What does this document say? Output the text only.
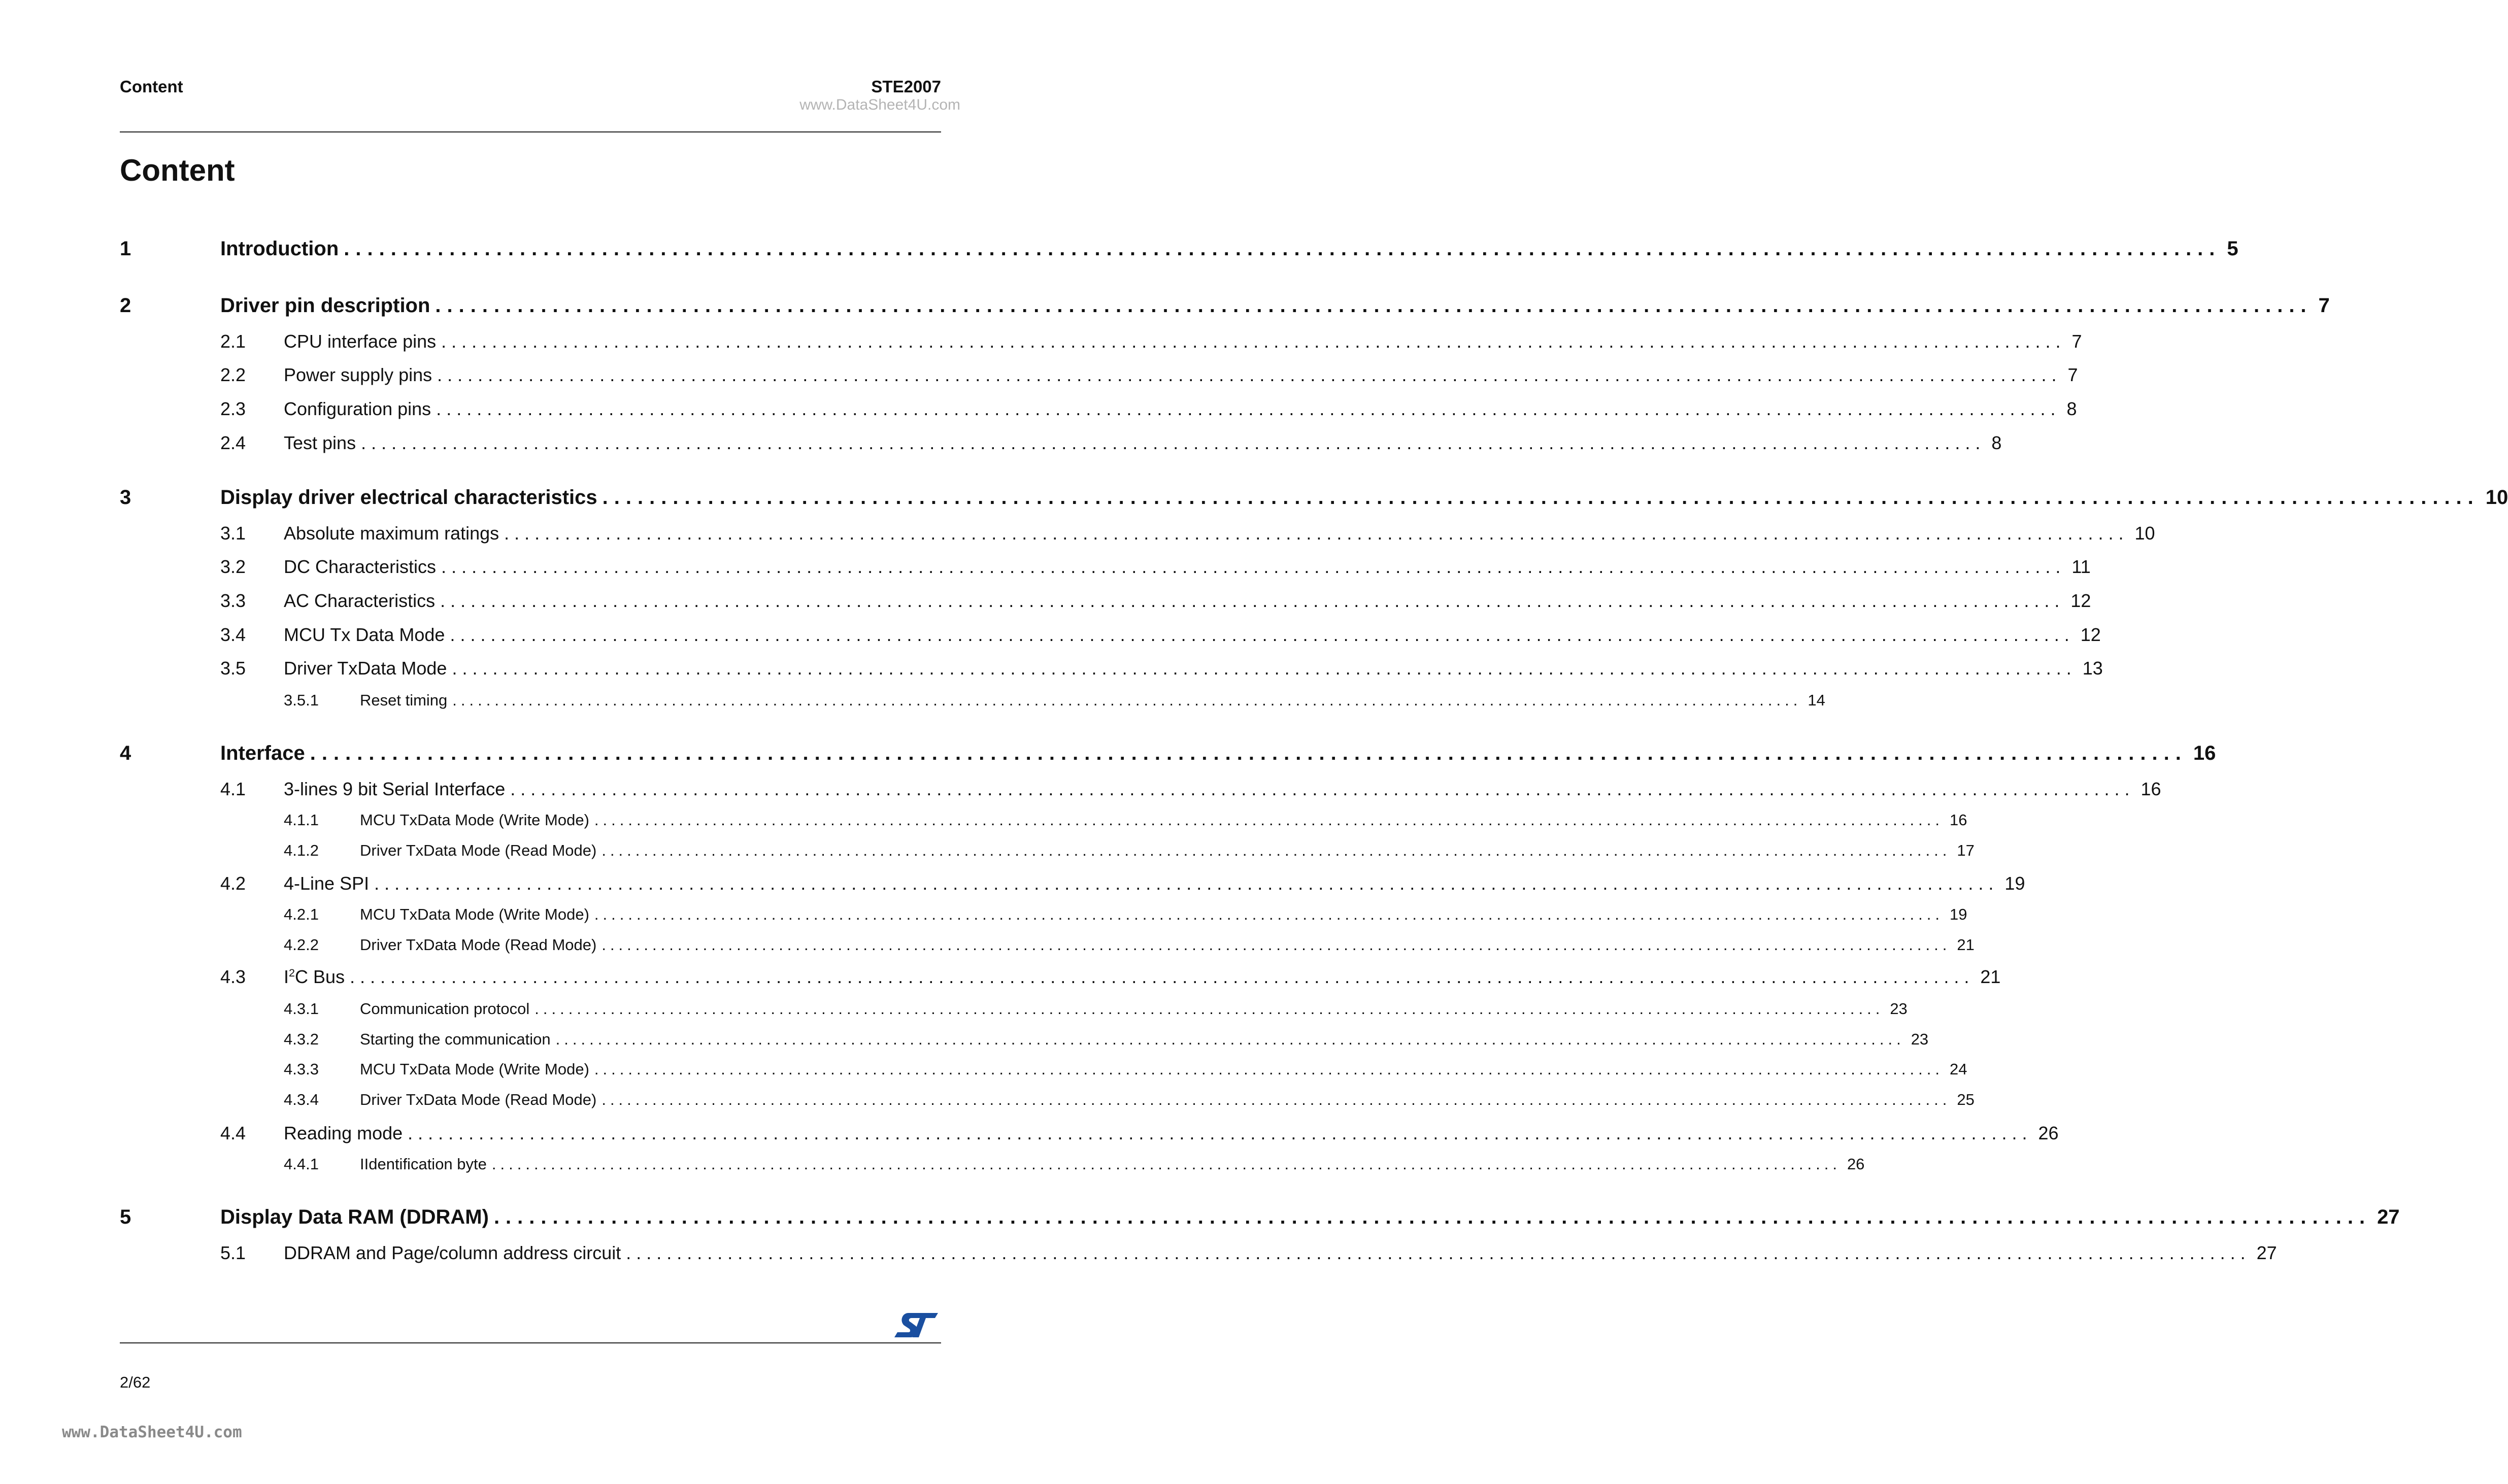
Content	STE2007
www.DataSheet4U.com
Content
1	Introduction ................................................................................................................................................................ 5
2	Driver pin description ................................................................................................................................................................ 7
2.1	CPU interface pins ................................................................................................................................................................ 7
2.2	Power supply pins ................................................................................................................................................................ 7
2.3	Configuration pins ................................................................................................................................................................ 8
2.4	Test pins ................................................................................................................................................................ 8
3	Display driver electrical characteristics ................................................................................................................................................................ 10
3.1	Absolute maximum ratings ................................................................................................................................................................ 10
3.2	DC Characteristics ................................................................................................................................................................ 11
3.3	AC Characteristics ................................................................................................................................................................ 12
3.4	MCU Tx Data Mode ................................................................................................................................................................ 12
3.5	Driver TxData Mode ................................................................................................................................................................ 13
3.5.1	Reset timing ................................................................................................................................................................ 14
4	Interface ................................................................................................................................................................ 16
4.1	3-lines 9 bit Serial Interface ................................................................................................................................................................ 16
4.1.1	MCU TxData Mode (Write Mode) ................................................................................................................................................................ 16
4.1.2	Driver TxData Mode (Read Mode) ................................................................................................................................................................ 17
4.2	4-Line SPI ................................................................................................................................................................ 19
4.2.1	MCU TxData Mode (Write Mode) ................................................................................................................................................................ 19
4.2.2	Driver TxData Mode (Read Mode) ................................................................................................................................................................ 21
4.3	$I^2C$ Bus ................................................................................................................................................................ 21
4.3.1	Communication protocol ................................................................................................................................................................ 23
4.3.2	Starting the communication ................................................................................................................................................................ 23
4.3.3	MCU TxData Mode (Write Mode) ................................................................................................................................................................ 24
4.3.4	Driver TxData Mode (Read Mode) ................................................................................................................................................................ 25
4.4	Reading mode ................................................................................................................................................................ 26
4.4.1	IIdentification byte ................................................................................................................................................................ 26
5	Display Data RAM (DDRAM) ................................................................................................................................................................ 27
5.1	DDRAM and Page/column address circuit ................................................................................................................................................................ 27
2/62
www.DataSheet4U.com
